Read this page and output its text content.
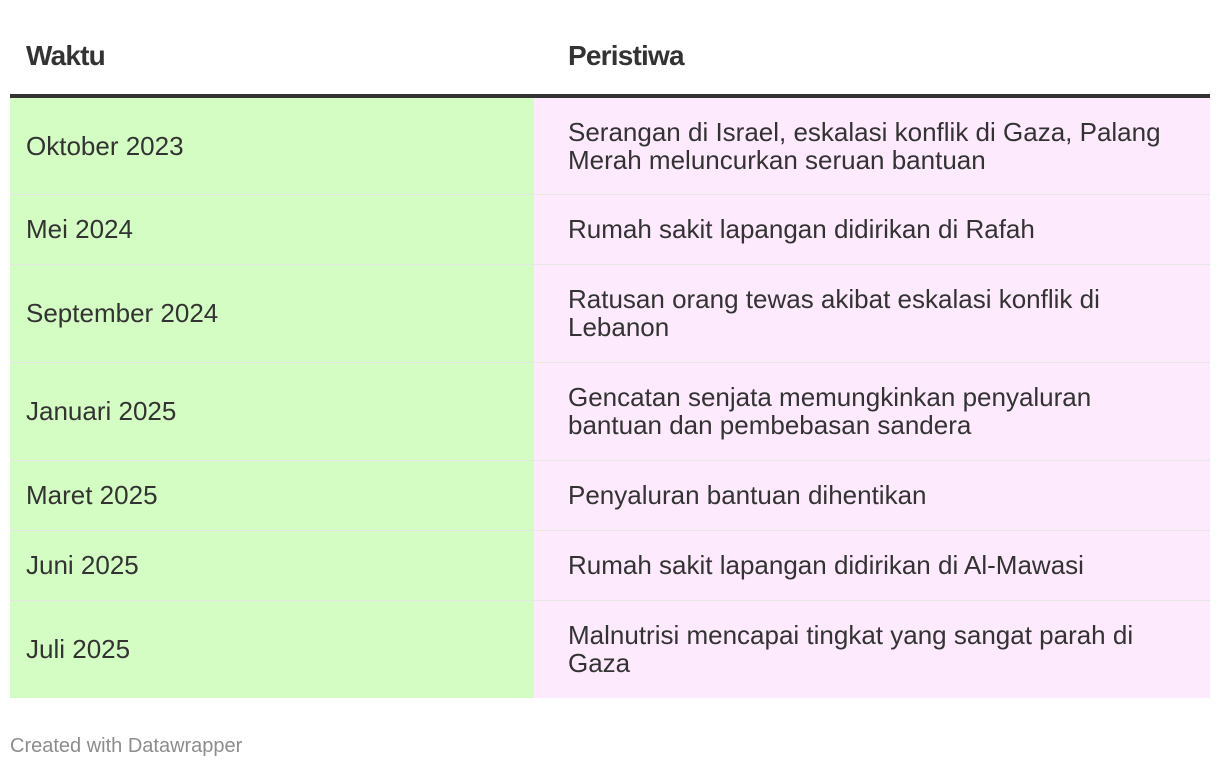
Waktu	Peristiwa
Oktober 2023	Serangan di Israel, eskalasi konflik di Gaza, Palang Merah meluncurkan seruan bantuan
Mei 2024	Rumah sakit lapangan didirikan di Rafah
September 2024	Ratusan orang tewas akibat eskalasi konflik di Lebanon
Januari 2025	Gencatan senjata memungkinkan penyaluran bantuan dan pembebasan sandera
Maret 2025	Penyaluran bantuan dihentikan
Juni 2025	Rumah sakit lapangan didirikan di Al-Mawasi
Juli 2025	Malnutrisi mencapai tingkat yang sangat parah di Gaza
Created with Datawrapper
